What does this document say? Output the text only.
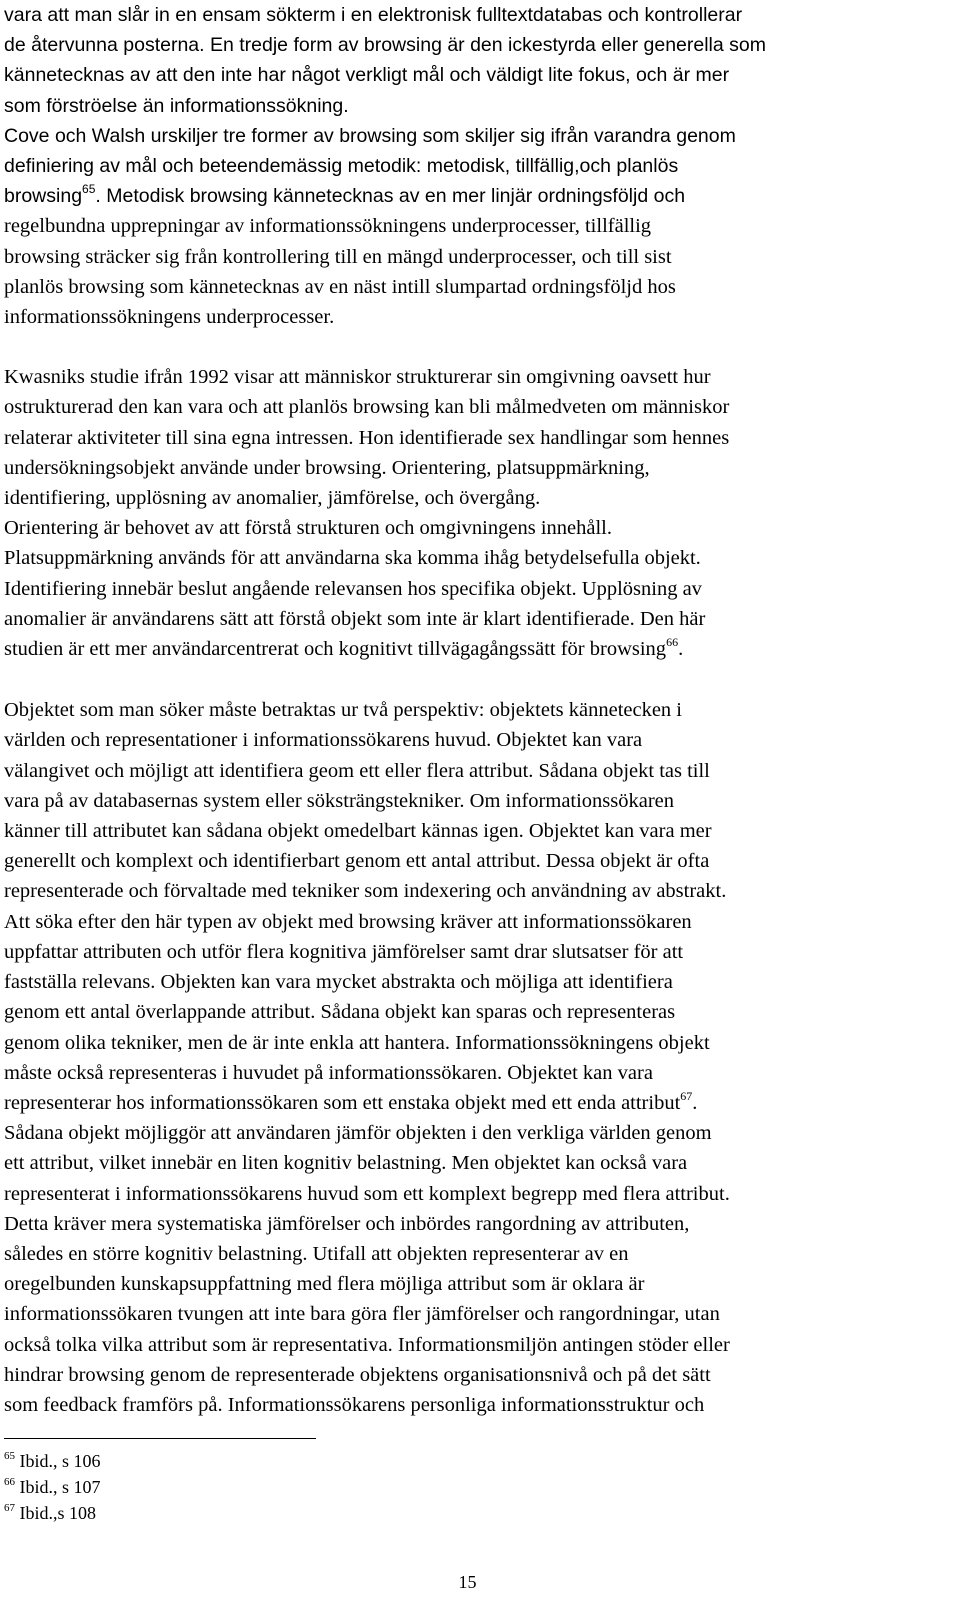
vara att man slår in en ensam sökterm i en elektronisk fulltextdatabas och kontrollerar
de återvunna posterna. En tredje form av browsing är den ickestyrda eller generella som
kännetecknas av att den inte har något verkligt mål och väldigt lite fokus, och är mer
som förströelse än informationssökning.
Cove och Walsh urskiljer tre former av browsing som skiljer sig ifrån varandra genom
definiering av mål och beteendemässig metodik: metodisk, tillfällig,och planlös
browsing$^{65}$. Metodisk browsing kännetecknas av en mer linjär ordningsföljd och
regelbundna upprepningar av informationssökningens underprocesser, tillfällig
browsing sträcker sig från kontrollering till en mängd underprocesser, och till sist
planlös browsing som kännetecknas av en näst intill slumpartad ordningsföljd hos
informationssökningens underprocesser.
Kwasniks studie ifrån 1992 visar att människor strukturerar sin omgivning oavsett hur
ostrukturerad den kan vara och att planlös browsing kan bli målmedveten om människor
relaterar aktiviteter till sina egna intressen. Hon identifierade sex handlingar som hennes
undersökningsobjekt använde under browsing. Orientering, platsuppmärkning,
identifiering, upplösning av anomalier, jämförelse, och övergång.
Orientering är behovet av att förstå strukturen och omgivningens innehåll.
Platsuppmärkning används för att användarna ska komma ihåg betydelsefulla objekt.
Identifiering innebär beslut angående relevansen hos specifika objekt. Upplösning av
anomalier är användarens sätt att förstå objekt som inte är klart identifierade. Den här
studien är ett mer användarcentrerat och kognitivt tillvägagångssätt för browsing$^{66}$.
Objektet som man söker måste betraktas ur två perspektiv: objektets kännetecken i
världen och representationer i informationssökarens huvud. Objektet kan vara
välangivet och möjligt att identifiera geom ett eller flera attribut. Sådana objekt tas till
vara på av databasernas system eller söksträngstekniker. Om informationssökaren
känner till attributet kan sådana objekt omedelbart kännas igen. Objektet kan vara mer
generellt och komplext och identifierbart genom ett antal attribut. Dessa objekt är ofta
representerade och förvaltade med tekniker som indexering och användning av abstrakt.
Att söka efter den här typen av objekt med browsing kräver att informationssökaren
uppfattar attributen och utför flera kognitiva jämförelser samt drar slutsatser för att
fastställa relevans. Objekten kan vara mycket abstrakta och möjliga att identifiera
genom ett antal överlappande attribut. Sådana objekt kan sparas och representeras
genom olika tekniker, men de är inte enkla att hantera. Informationssökningens objekt
måste också representeras i huvudet på informationssökaren. Objektet kan vara
representerar hos informationssökaren som ett enstaka objekt med ett enda attribut$^{67}$.
Sådana objekt möjliggör att användaren jämför objekten i den verkliga världen genom
ett attribut, vilket innebär en liten kognitiv belastning. Men objektet kan också vara
representerat i informationssökarens huvud som ett komplext begrepp med flera attribut.
Detta kräver mera systematiska jämförelser och inbördes rangordning av attributen,
således en större kognitiv belastning. Utifall att objekten representerar av en
oregelbunden kunskapsuppfattning med flera möjliga attribut som är oklara är
informationssökaren tvungen att inte bara göra fler jämförelser och rangordningar, utan
också tolka vilka attribut som är representativa. Informationsmiljön antingen stöder eller
hindrar browsing genom de representerade objektens organisationsnivå och på det sätt
som feedback framförs på. Informationssökarens personliga informationsstruktur och
$^{65}$ Ibid., s 106
$^{66}$ Ibid., s 107
$^{67}$ Ibid.,s 108
15
